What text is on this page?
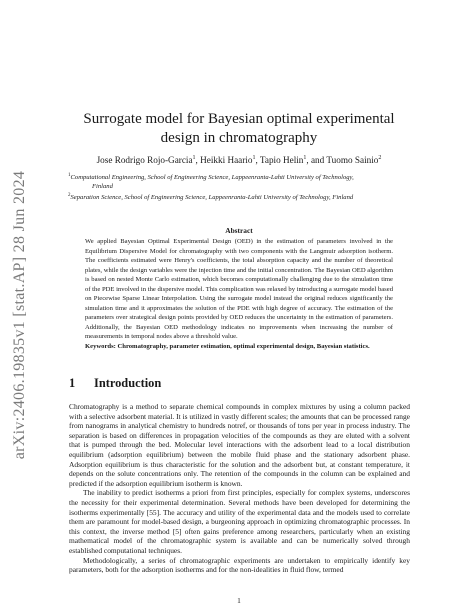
arXiv:2406.19835v1 [stat.AP] 28 Jun 2024
Surrogate model for Bayesian optimal experimental design in chromatography
Jose Rodrigo Rojo-Garcia$^1$, Heikki Haario$^1$, Tapio Helin$^1$, and Tuomo Sainio$^2$
$^1$Computational Engineering, School of Engineering Science, Lappeenranta-Lahti University of Technology,
Finland
$^2$Separation Science, School of Engineering Science, Lappeenranta-Lahti University of Technology, Finland
Abstract

We applied Bayesian Optimal Experimental Design (OED) in the estimation of parameters involved in the Equilibrium Dispersive Model for chromatography with two components with the Langmuir adsorption isotherm. The coefficients estimated were Henry's coefficients, the total absorption capacity and the number of theoretical plates, while the design variables were the injection time and the initial concentration. The Bayesian OED algorithm is based on nested Monte Carlo estimation, which becomes computationally challenging due to the simulation time of the PDE involved in the dispersive model. This complication was relaxed by introducing a surrogate model based on Piecewise Sparse Linear Interpolation. Using the surrogate model instead the original reduces significantly the simulation time and it approximates the solution of the PDE with high degree of accuracy. The estimation of the parameters over strategical design points provided by OED reduces the uncertainty in the estimation of parameters. Additionally, the Bayesian OED methodology indicates no improvements when increasing the number of measurements in temporal nodes above a threshold value.

Keywords: Chromatography, parameter estimation, optimal experimental design, Bayesian statistics.

1 Introduction

Chromatography is a method to separate chemical compounds in complex mixtures by using a column packed with a selective adsorbent material. It is utilized in vastly different scales; the amounts that can be processed range from nanograms in analytical chemistry to hundreds notref, or thousands of tons per year in process industry. The separation is based on differences in propagation velocities of the compounds as they are eluted with a solvent that is pumped through the bed. Molecular level interactions with the adsorbent lead to a local distribution equilibrium (adsorption equilibrium) between the mobile fluid phase and the stationary adsorbent phase. Adsorption equilibrium is thus characteristic for the solution and the adsorbent but, at constant temperature, it depends on the solute concentrations only. The retention of the compounds in the column can be explained and predicted if the adsorption equilibrium isotherm is known.

The inability to predict isotherms a priori from first principles, especially for complex systems, underscores the necessity for their experimental determination. Several methods have been developed for determining the isotherms experimentally [55]. The accuracy and utility of the experimental data and the models used to correlate them are paramount for model-based design, a burgeoning approach in optimizing chromatographic processes. In this context, the inverse method [5] often gains preference among researchers, particularly when an existing mathematical model of the chromatographic system is available and can be numerically solved through established computational techniques.

Methodologically, a series of chromatographic experiments are undertaken to empirically identify key parameters, both for the adsorption isotherms and for the non-idealities in fluid flow, termed

1
